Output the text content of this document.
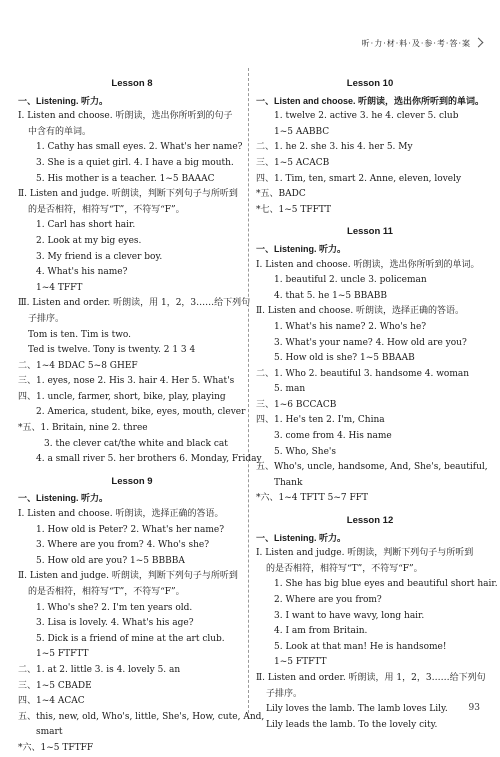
听·力·材·料·及·参·考·答·案
Lesson 8
一、Listening. 听力。
Ⅰ. Listen and choose. 听朗读，选出你所听到的句子
中含有的单词。
1. Cathy has small eyes. 2. What's her name?
3. She is a quiet girl. 4. I have a big mouth.
5. His mother is a teacher. 1~5 BAAAC
Ⅱ. Listen and judge. 听朗读，判断下列句子与所听到
的是否相符，相符写“T”，不符写“F”。
1. Carl has short hair.
2. Look at my big eyes.
3. My friend is a clever boy.
4. What's his name?
1~4 TFFT
Ⅲ. Listen and order. 听朗读，用 1，2，3……给下列句
子排序。
Tom is ten. Tim is two.
Ted is twelve. Tony is twenty. 2 1 3 4
二、1~4 BDAC 5~8 GHEF
三、1. eyes, nose 2. His 3. hair 4. Her 5. What's
四、1. uncle, farmer, short, bike, play, playing
2. America, student, bike, eyes, mouth, clever
*五、1. Britain, nine 2. three
3. the clever cat/the white and black cat
4. a small river 5. her brothers 6. Monday, Friday
Lesson 9
一、Listening. 听力。
Ⅰ. Listen and choose. 听朗读，选择正确的答语。
1. How old is Peter? 2. What's her name?
3. Where are you from? 4. Who's she?
5. How old are you? 1~5 BBBBA
Ⅱ. Listen and judge. 听朗读，判断下列句子与所听到
的是否相符，相符写“T”，不符写“F”。
1. Who's she? 2. I'm ten years old.
3. Lisa is lovely. 4. What's his age?
5. Dick is a friend of mine at the art club.
1~5 FTFTT
二、1. at 2. little 3. is 4. lovely 5. an
三、1~5 CBADE
四、1~4 ACAC
五、this, new, old, Who's, little, She's, How, cute, And,
smart
*六、1~5 TFTFF
Lesson 10
一、Listen and choose. 听朗读，选出你所听到的单词。
1. twelve 2. active 3. he 4. clever 5. club
1~5 AABBC
二、1. he 2. she 3. his 4. her 5. My
三、1~5 ACACB
四、1. Tim, ten, smart 2. Anne, eleven, lovely
*五、BADC
*七、1~5 TFFTT
Lesson 11
一、Listening. 听力。
Ⅰ. Listen and choose. 听朗读，选出你所听到的单词。
1. beautiful 2. uncle 3. policeman
4. that 5. he 1~5 BBABB
Ⅱ. Listen and choose. 听朗读，选择正确的答语。
1. What's his name? 2. Who's he?
3. What's your name? 4. How old are you?
5. How old is she? 1~5 BBAAB
二、1. Who 2. beautiful 3. handsome 4. woman
5. man
三、1~6 BCCACB
四、1. He's ten 2. I'm, China
3. come from 4. His name
5. Who, She's
五、Who's, uncle, handsome, And, She's, beautiful,
Thank
*六、1~4 TFTT 5~7 FFT
Lesson 12
一、Listening. 听力。
Ⅰ. Listen and judge. 听朗读，判断下列句子与所听到
的是否相符，相符写“T”，不符写“F”。
1. She has big blue eyes and beautiful short hair.
2. Where are you from?
3. I want to have wavy, long hair.
4. I am from Britain.
5. Look at that man! He is handsome!
1~5 FTFTT
Ⅱ. Listen and order. 听朗读，用 1，2，3……给下列句
子排序。
Lily loves the lamb. The lamb loves Lily.
Lily leads the lamb. To the lovely city.
93
